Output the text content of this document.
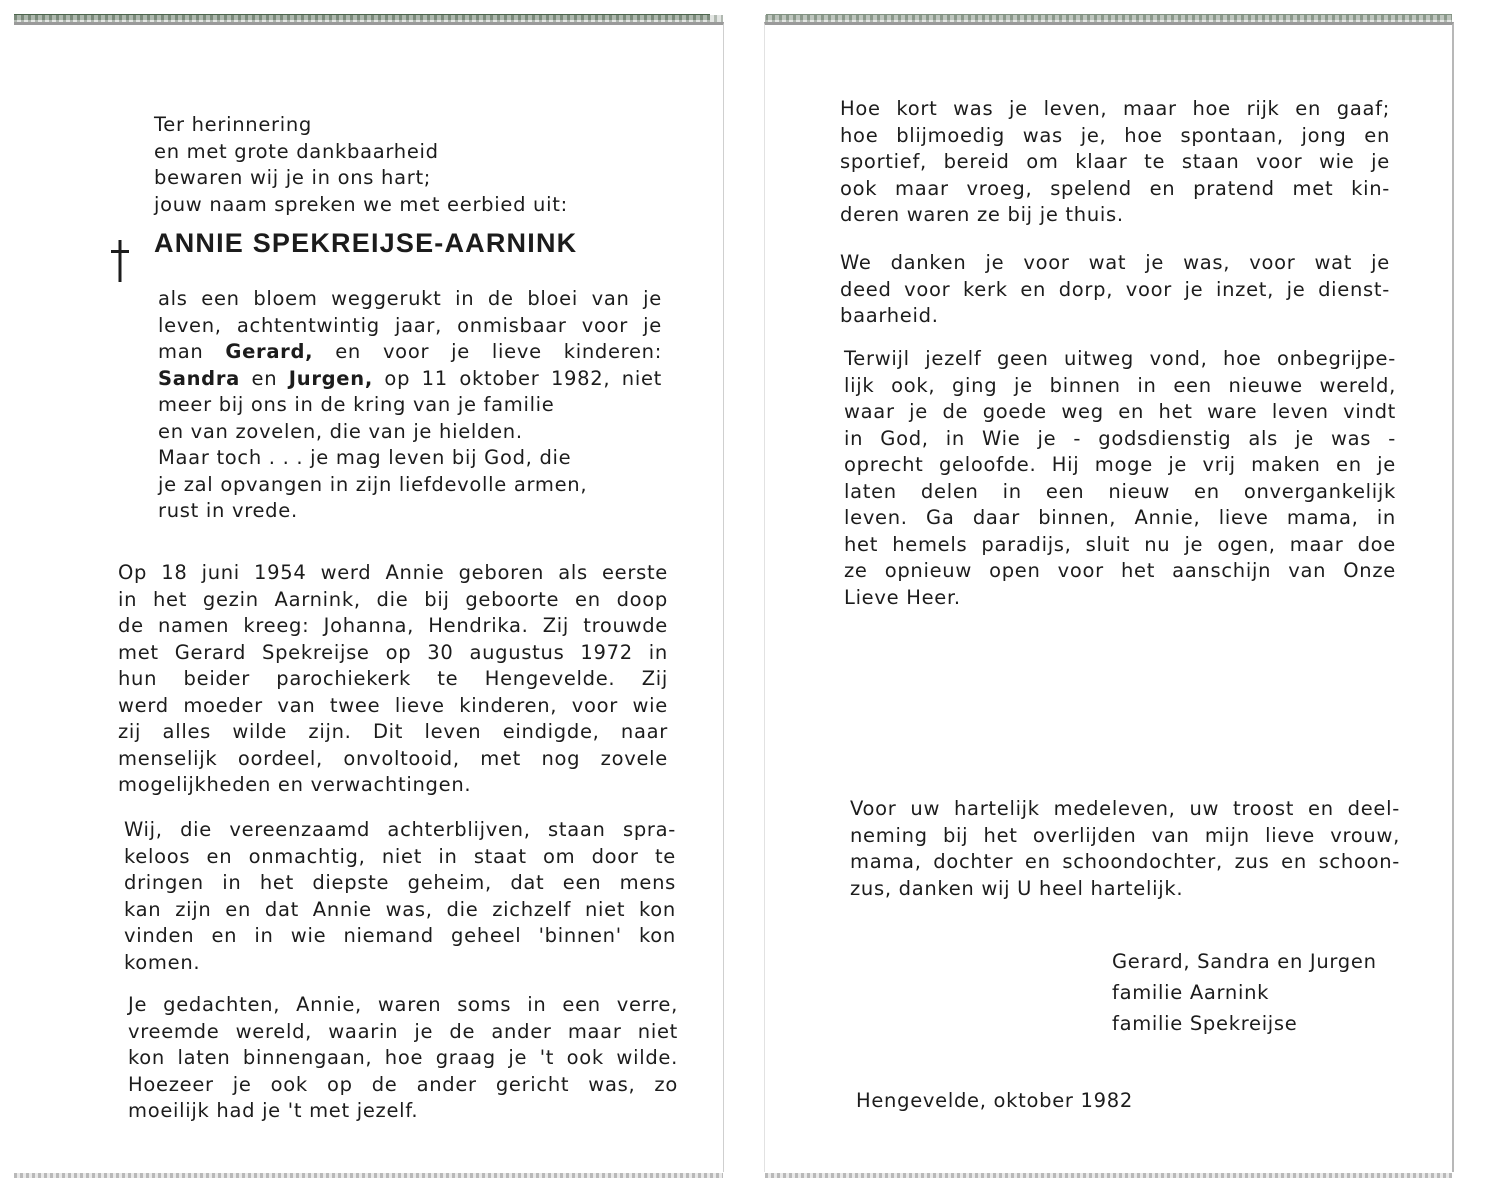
Ter herinnering
en met grote dankbaarheid
bewaren wij je in ons hart;
jouw naam spreken we met eerbied uit:
ANNIE SPEKREIJSE-AARNINK
als een bloem weggerukt in de bloei van je
leven, achtentwintig jaar, onmisbaar voor je
man Gerard, en voor je lieve kinderen:
Sandra en Jurgen, op 11 oktober 1982, niet
meer bij ons in de kring van je familie
en van zovelen, die van je hielden.
Maar toch . . . je mag leven bij God, die
je zal opvangen in zijn liefdevolle armen,
rust in vrede.
Op 18 juni 1954 werd Annie geboren als eerste
in het gezin Aarnink, die bij geboorte en doop
de namen kreeg: Johanna, Hendrika. Zij trouwde
met Gerard Spekreijse op 30 augustus 1972 in
hun beider parochiekerk te Hengevelde. Zij
werd moeder van twee lieve kinderen, voor wie
zij alles wilde zijn. Dit leven eindigde, naar
menselijk oordeel, onvoltooid, met nog zovele
mogelijkheden en verwachtingen.
Wij, die vereenzaamd achterblijven, staan spra-
keloos en onmachtig, niet in staat om door te
dringen in het diepste geheim, dat een mens
kan zijn en dat Annie was, die zichzelf niet kon
vinden en in wie niemand geheel 'binnen' kon
komen.
Je gedachten, Annie, waren soms in een verre,
vreemde wereld, waarin je de ander maar niet
kon laten binnengaan, hoe graag je 't ook wilde.
Hoezeer je ook op de ander gericht was, zo
moeilijk had je 't met jezelf.
Hoe kort was je leven, maar hoe rijk en gaaf;
hoe blijmoedig was je, hoe spontaan, jong en
sportief, bereid om klaar te staan voor wie je
ook maar vroeg, spelend en pratend met kin-
deren waren ze bij je thuis.
We danken je voor wat je was, voor wat je
deed voor kerk en dorp, voor je inzet, je dienst-
baarheid.
Terwijl jezelf geen uitweg vond, hoe onbegrijpe-
lijk ook, ging je binnen in een nieuwe wereld,
waar je de goede weg en het ware leven vindt
in God, in Wie je - godsdienstig als je was -
oprecht geloofde. Hij moge je vrij maken en je
laten delen in een nieuw en onvergankelijk
leven. Ga daar binnen, Annie, lieve mama, in
het hemels paradijs, sluit nu je ogen, maar doe
ze opnieuw open voor het aanschijn van Onze
Lieve Heer.
Voor uw hartelijk medeleven, uw troost en deel-
neming bij het overlijden van mijn lieve vrouw,
mama, dochter en schoondochter, zus en schoon-
zus, danken wij U heel hartelijk.
Gerard, Sandra en Jurgen
familie Aarnink
familie Spekreijse
Hengevelde, oktober 1982
